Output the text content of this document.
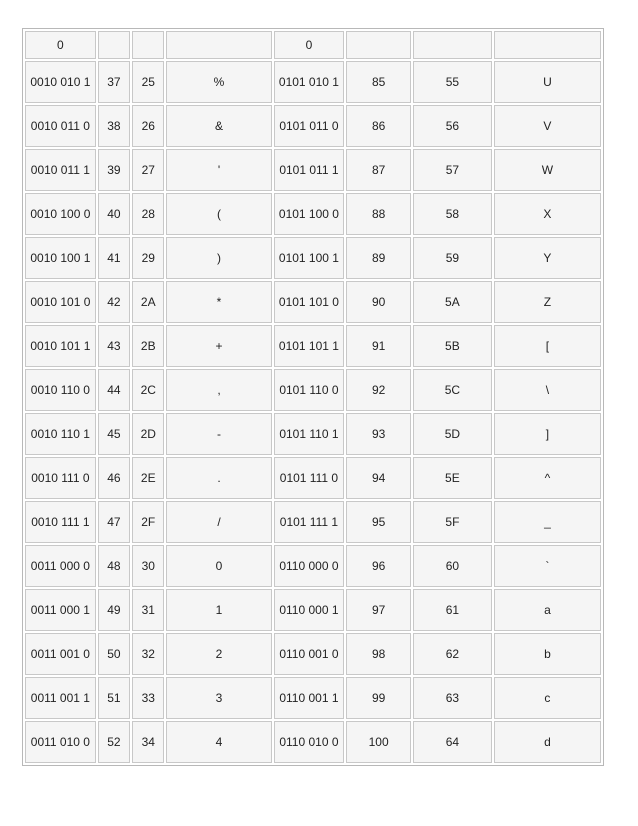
0				0			
0010 010 1	37	25	%	0101 010 1	85	55	U
0010 011 0	38	26	&	0101 011 0	86	56	V
0010 011 1	39	27	'	0101 011 1	87	57	W
0010 100 0	40	28	(	0101 100 0	88	58	X
0010 100 1	41	29	)	0101 100 1	89	59	Y
0010 101 0	42	2A	*	0101 101 0	90	5A	Z
0010 101 1	43	2B	+	0101 101 1	91	5B	[
0010 110 0	44	2C	,	0101 110 0	92	5C	\
0010 110 1	45	2D	-	0101 110 1	93	5D	]
0010 111 0	46	2E	.	0101 111 0	94	5E	^
0010 111 1	47	2F	/	0101 111 1	95	5F	_
0011 000 0	48	30	0	0110 000 0	96	60	`
0011 000 1	49	31	1	0110 000 1	97	61	a
0011 001 0	50	32	2	0110 001 0	98	62	b
0011 001 1	51	33	3	0110 001 1	99	63	c
0011 010 0	52	34	4	0110 010 0	100	64	d
